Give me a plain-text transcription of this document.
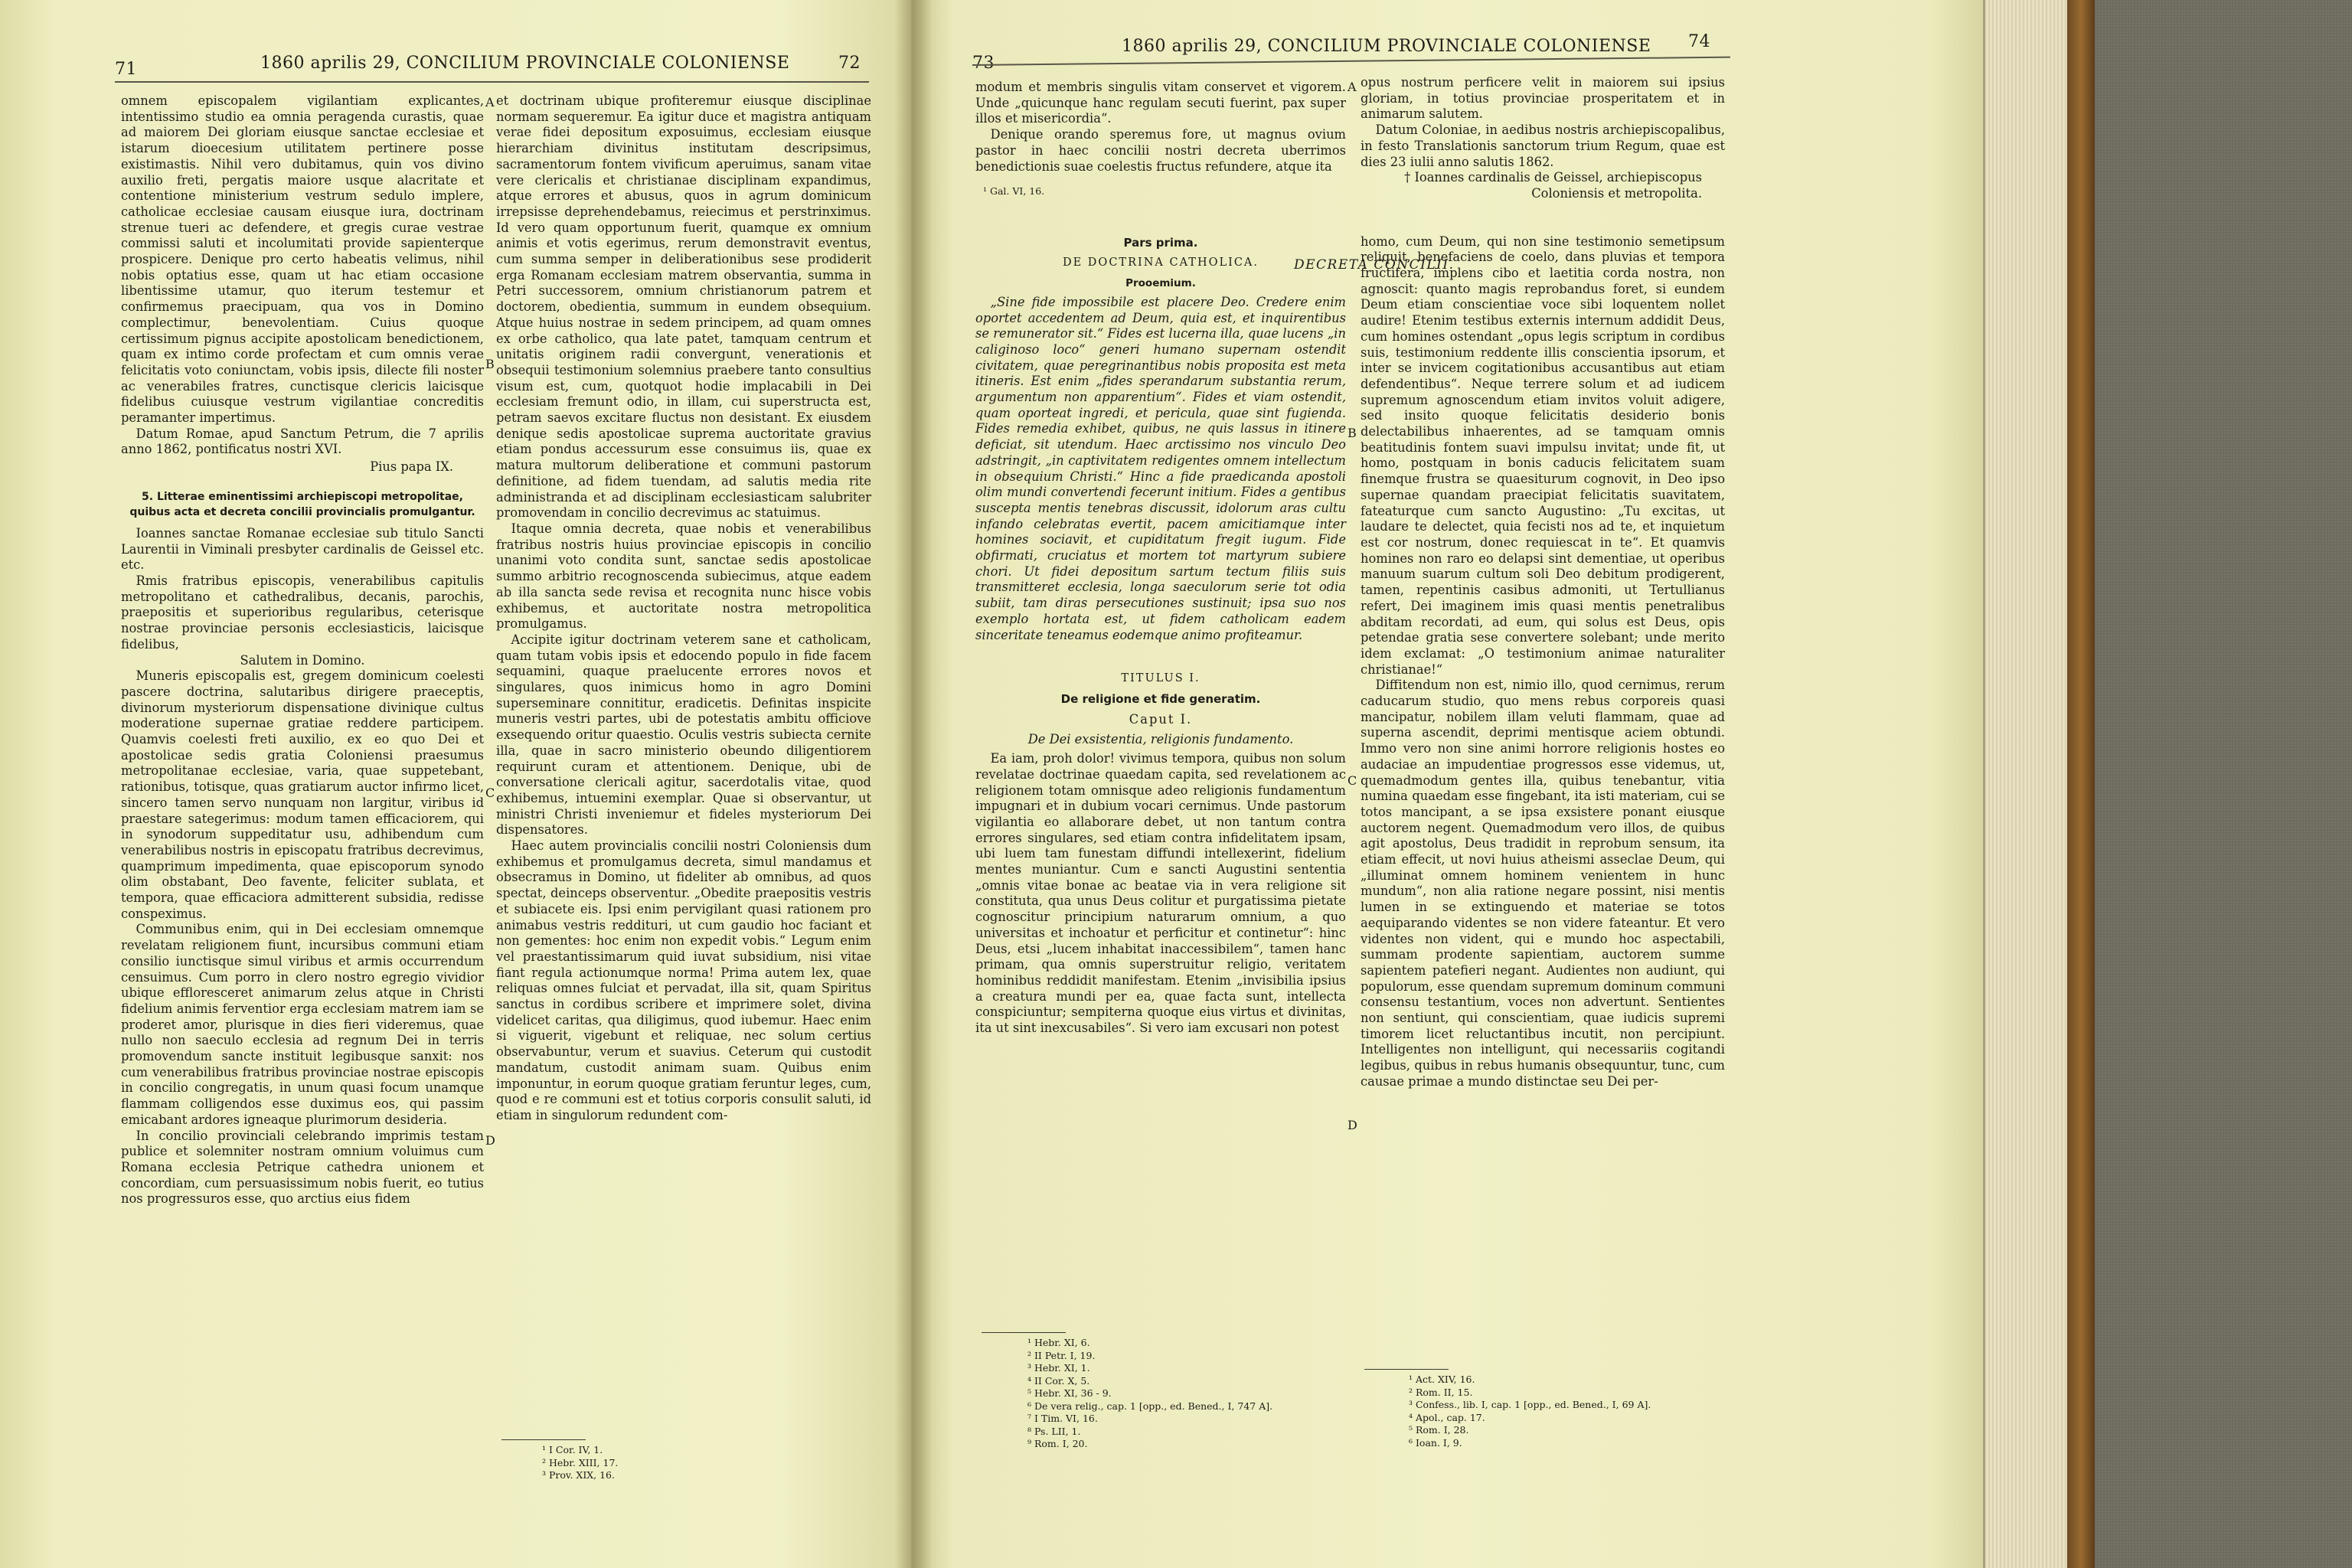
71	1860 aprilis 29, CONCILIUM PROVINCIALE COLONIENSE	72

omnem episcopalem vigilantiam explicantes, intentissimo studio ea omnia peragenda curastis, quae ad maiorem Dei gloriam eiusque sanctae ecclesiae et istarum dioecesium utilitatem pertinere posse existimastis. Nihil vero dubitamus, quin vos divino auxilio freti, pergatis maiore usque alacritate et contentione ministerium vestrum sedulo implere, catholicae ecclesiae causam eiusque iura, doctrinam strenue tueri ac defendere, et gregis curae vestrae commissi saluti et incolumitati provide sapienterque prospicere. Denique pro certo habeatis velimus, nihil nobis optatius esse, quam ut hac etiam occasione libentissime utamur, quo iterum testemur et confirmemus praecipuam, qua vos in Domino complectimur, benevolentiam. Cuius quoque certissimum pignus accipite apostolicam benedictionem, quam ex intimo corde profectam et cum omnis verae felicitatis voto coniunctam, vobis ipsis, dilecte fili noster ac venerabiles fratres, cunctisque clericis laicisque fidelibus cuiusque vestrum vigilantiae concreditis peramanter impertimus.

Datum Romae, apud Sanctum Petrum, die 7 aprilis anno 1862, pontificatus nostri XVI.

Pius papa IX.

5. Litterae eminentissimi archiepiscopi metropolitae, quibus acta et decreta concilii provincialis promulgantur.

Ioannes sanctae Romanae ecclesiae sub titulo Sancti Laurentii in Viminali presbyter cardinalis de Geissel etc. etc.

Rmis fratribus episcopis, venerabilibus capitulis metropolitano et cathedralibus, decanis, parochis, praepositis et superioribus regularibus, ceterisque nostrae provinciae personis ecclesiasticis, laicisque fidelibus,

Salutem in Domino.

Muneris episcopalis est, gregem dominicum coelesti pascere doctrina, salutaribus dirigere praeceptis, divinorum mysteriorum dispensatione divinique cultus moderatione supernae gratiae reddere participem. Quamvis coelesti freti auxilio, ex eo quo Dei et apostolicae sedis gratia Coloniensi praesumus metropolitanae ecclesiae, varia, quae suppetebant, rationibus, totisque, quas gratiarum auctor infirmo licet, sincero tamen servo nunquam non largitur, viribus id praestare sategerimus: modum tamen efficaciorem, qui in synodorum suppeditatur usu, adhibendum cum venerabilibus nostris in episcopatu fratribus decrevimus, quamprimum impedimenta, quae episcoporum synodo olim obstabant, Deo favente, feliciter sublata, et tempora, quae efficaciora admitterent subsidia, redisse conspeximus.

Communibus enim, qui in Dei ecclesiam omnemque revelatam religionem fiunt, incursibus communi etiam consilio iunctisque simul viribus et armis occurrendum censuimus. Cum porro in clero nostro egregio vividior ubique effloresceret animarum zelus atque in Christi fidelium animis ferventior erga ecclesiam matrem iam se proderet amor, plurisque in dies fieri videremus, quae nullo non saeculo ecclesia ad regnum Dei in terris promovendum sancte instituit legibusque sanxit: nos cum venerabilibus fratribus provinciae nostrae episcopis in concilio congregatis, in unum quasi focum unamque flammam colligendos esse duximus eos, qui passim emicabant ardores igneaque plurimorum desideria.

In concilio provinciali celebrando imprimis testam publice et solemniter nostram omnium voluimus cum Romana ecclesia Petrique cathedra unionem et concordiam, cum persuasissimum nobis fuerit, eo tutius nos progressuros esse, quo arctius eius fidem

et doctrinam ubique profiteremur eiusque disciplinae normam sequeremur. Ea igitur duce et magistra antiquam verae fidei depositum exposuimus, ecclesiam eiusque hierarchiam divinitus institutam descripsimus, sacramentorum fontem vivificum aperuimus, sanam vitae vere clericalis et christianae disciplinam expandimus, atque errores et abusus, quos in agrum dominicum irrepsisse deprehendebamus, reiecimus et perstrinximus. Id vero quam opportunum fuerit, quamque ex omnium animis et votis egerimus, rerum demonstravit eventus, cum summa semper in deliberationibus sese prodiderit erga Romanam ecclesiam matrem observantia, summa in Petri successorem, omnium christianorum patrem et doctorem, obedientia, summum in eundem obsequium. Atque huius nostrae in sedem principem, ad quam omnes ex orbe catholico, qua late patet, tamquam centrum et unitatis originem radii convergunt, venerationis et obsequii testimonium solemnius praebere tanto consultius visum est, cum, quotquot hodie implacabili in Dei ecclesiam fremunt odio, in illam, cui superstructa est, petram saevos excitare fluctus non desistant. Ex eiusdem denique sedis apostolicae suprema auctoritate gravius etiam pondus accessurum esse consuimus iis, quae ex matura multorum deliberatione et communi pastorum definitione, ad fidem tuendam, ad salutis media rite administranda et ad disciplinam ecclesiasticam salubriter promovendam in concilio decrevimus ac statuimus.

Itaque omnia decreta, quae nobis et venerabilibus fratribus nostris huius provinciae episcopis in concilio unanimi voto condita sunt, sanctae sedis apostolicae summo arbitrio recognoscenda subiecimus, atque eadem ab illa sancta sede revisa et recognita nunc hisce vobis exhibemus, et auctoritate nostra metropolitica promulgamus.

Accipite igitur doctrinam veterem sane et catholicam, quam tutam vobis ipsis et edocendo populo in fide facem sequamini, quaque praelucente errores novos et singulares, quos inimicus homo in agro Domini superseminare connititur, eradicetis. Definitas inspicite muneris vestri partes, ubi de potestatis ambitu officiove exsequendo oritur quaestio. Oculis vestris subiecta cernite illa, quae in sacro ministerio obeundo diligentiorem requirunt curam et attentionem. Denique, ubi de conversatione clericali agitur, sacerdotalis vitae, quod exhibemus, intuemini exemplar. Quae si observantur, ut ministri Christi inveniemur et fideles mysteriorum Dei dispensatores.

Haec autem provincialis concilii nostri Coloniensis dum exhibemus et promulgamus decreta, simul mandamus et obsecramus in Domino, ut fideliter ab omnibus, ad quos spectat, deinceps observentur. „Obedite praepositis vestris et subiacete eis. Ipsi enim pervigilant quasi rationem pro animabus vestris reddituri, ut cum gaudio hoc faciant et non gementes: hoc enim non expedit vobis.“ Legum enim vel praestantissimarum quid iuvat subsidium, nisi vitae fiant regula actionumque norma! Prima autem lex, quae reliquas omnes fulciat et pervadat, illa sit, quam Spiritus sanctus in cordibus scribere et imprimere solet, divina videlicet caritas, qua diligimus, quod iubemur. Haec enim si viguerit, vigebunt et reliquae, nec solum certius observabuntur, verum et suavius. Ceterum qui custodit mandatum, custodit animam suam. Quibus enim imponuntur, in eorum quoque gratiam feruntur leges, cum, quod e re communi est et totius corporis consulit saluti, id etiam in singulorum redundent com-

¹ I Cor. IV, 1.
² Hebr. XIII, 17.
³ Prov. XIX, 16.
A
B
C
D
73
1860 aprilis 29, CONCILIUM PROVINCIALE COLONIENSE 74

modum et membris singulis vitam conservet et vigorem. Unde „quicunque hanc regulam secuti fuerint, pax super illos et misericordia“.

Denique orando speremus fore, ut magnus ovium pastor in haec concilii nostri decreta uberrimos benedictionis suae coelestis fructus refundere, atque ita

¹ Gal. VI, 16.
Pars prima.
DE DOCTRINA CATHOLICA.
Prooemium.

„Sine fide impossibile est placere Deo. Credere enim oportet accedentem ad Deum, quia est, et inquirentibus se remunerator sit.“ Fides est lucerna illa, quae lucens „in caliginoso loco“ generi humano supernam ostendit civitatem, quae peregrinantibus nobis proposita est meta itineris. Est enim „fides sperandarum substantia rerum, argumentum non apparentium“. Fides et viam ostendit, quam oporteat ingredi, et pericula, quae sint fugienda. Fides remedia exhibet, quibus, ne quis lassus in itinere deficiat, sit utendum. Haec arctissimo nos vinculo Deo adstringit, „in captivitatem redigentes omnem intellectum in obsequium Christi.“ Hinc a fide praedicanda apostoli olim mundi convertendi fecerunt initium. Fides a gentibus suscepta mentis tenebras discussit, idolorum aras cultu infando celebratas evertit, pacem amicitiamque inter homines sociavit, et cupiditatum fregit iugum. Fide obfirmati, cruciatus et mortem tot martyrum subiere chori. Ut fidei depositum sartum tectum filiis suis transmitteret ecclesia, longa saeculorum serie tot odia subiit, tam diras persecutiones sustinuit; ipsa suo nos exemplo hortata est, ut fidem catholicam eadem sinceritate teneamus eodemque animo profiteamur.

TITULUS I.
De religione et fide generatim.
Caput I.
De Dei exsistentia, religionis fundamento.

Ea iam, proh dolor! vivimus tempora, quibus non solum revelatae doctrinae quaedam capita, sed revelationem ac religionem totam omnisque adeo religionis fundamentum impugnari et in dubium vocari cernimus. Unde pastorum vigilantia eo allaborare debet, ut non tantum contra errores singulares, sed etiam contra infidelitatem ipsam, ubi luem tam funestam diffundi intellexerint, fidelium mentes muniantur. Cum e sancti Augustini sententia „omnis vitae bonae ac beatae via in vera religione sit constituta, qua unus Deus colitur et purgatissima pietate cognoscitur principium naturarum omnium, a quo universitas et inchoatur et perficitur et continetur“: hinc Deus, etsi „lucem inhabitat inaccessibilem“, tamen hanc primam, qua omnis superstruitur religio, veritatem hominibus reddidit manifestam. Etenim „invisibilia ipsius a creatura mundi per ea, quae facta sunt, intellecta conspiciuntur; sempiterna quoque eius virtus et divinitas, ita ut sint inexcusabiles“. Si vero iam excusari non potest

¹ Hebr. XI, 6.
² II Petr. I, 19.
³ Hebr. XI, 1.
⁴ II Cor. X, 5.
⁵ Hebr. XI, 36 - 9.
⁶ De vera relig., cap. 1 [opp., ed. Bened., I, 747 A].
⁷ I Tim. VI, 16.
⁸ Ps. LII, 1.
⁹ Rom. I, 20.
DECRETA CONCILII.

opus nostrum perficere velit in maiorem sui ipsius gloriam, in totius provinciae prosperitatem et in animarum salutem.

Datum Coloniae, in aedibus nostris archiepiscopalibus, in festo Translationis sanctorum trium Regum, quae est dies 23 iulii anno salutis 1862.

† Ioannes cardinalis de Geissel, archiepiscopus Coloniensis et metropolita.

homo, cum Deum, qui non sine testimonio semetipsum reliquit, benefaciens de coelo, dans pluvias et tempora fructifera, implens cibo et laetitia corda nostra, non agnoscit: quanto magis reprobandus foret, si eundem Deum etiam conscientiae voce sibi loquentem nollet audire! Etenim testibus externis internum addidit Deus, cum homines ostendant „opus legis scriptum in cordibus suis, testimonium reddente illis conscientia ipsorum, et inter se invicem cogitationibus accusantibus aut etiam defendentibus“. Neque terrere solum et ad iudicem supremum agnoscendum etiam invitos voluit adigere, sed insito quoque felicitatis desiderio bonis delectabilibus inhaerentes, ad se tamquam omnis beatitudinis fontem suavi impulsu invitat; unde fit, ut homo, postquam in bonis caducis felicitatem suam finemque frustra se quaesiturum cognovit, in Deo ipso supernae quandam praecipiat felicitatis suavitatem, fateaturque cum sancto Augustino: „Tu excitas, ut laudare te delectet, quia fecisti nos ad te, et inquietum est cor nostrum, donec requiescat in te“. Et quamvis homines non raro eo delapsi sint dementiae, ut operibus manuum suarum cultum soli Deo debitum prodigerent, tamen, repentinis casibus admoniti, ut Tertullianus refert, Dei imaginem imis quasi mentis penetralibus abditam recordati, ad eum, qui solus est Deus, opis petendae gratia sese convertere solebant; unde merito idem exclamat: „O testimonium animae naturaliter christianae!“

Diffitendum non est, nimio illo, quod cernimus, rerum caducarum studio, quo mens rebus corporeis quasi mancipatur, nobilem illam veluti flammam, quae ad superna ascendit, deprimi mentisque aciem obtundi. Immo vero non sine animi horrore religionis hostes eo audaciae an impudentiae progressos esse videmus, ut, quemadmodum gentes illa, quibus tenebantur, vitia numina quaedam esse fingebant, ita isti materiam, cui se totos mancipant, a se ipsa exsistere ponant eiusque auctorem negent. Quemadmodum vero illos, de quibus agit apostolus, Deus tradidit in reprobum sensum, ita etiam effecit, ut novi huius atheismi asseclae Deum, qui „illuminat omnem hominem venientem in hunc mundum“, non alia ratione negare possint, nisi mentis lumen in se extinguendo et materiae se totos aequiparando videntes se non videre fateantur. Et vero videntes non vident, qui e mundo hoc aspectabili, summam prodente sapientiam, auctorem summe sapientem patefieri negant. Audientes non audiunt, qui populorum, esse quendam supremum dominum communi consensu testantium, voces non advertunt. Sentientes non sentiunt, qui conscientiam, quae iudicis supremi timorem licet reluctantibus incutit, non percipiunt. Intelligentes non intelligunt, qui necessariis cogitandi legibus, quibus in rebus humanis obsequuntur, tunc, cum causae primae a mundo distinctae seu Dei per-

¹ Act. XIV, 16.
² Rom. II, 15.
³ Confess., lib. I, cap. 1 [opp., ed. Bened., I, 69 A].
⁴ Apol., cap. 17.
⁵ Rom. I, 28.
⁶ Ioan. I, 9.
A
B
C
D
